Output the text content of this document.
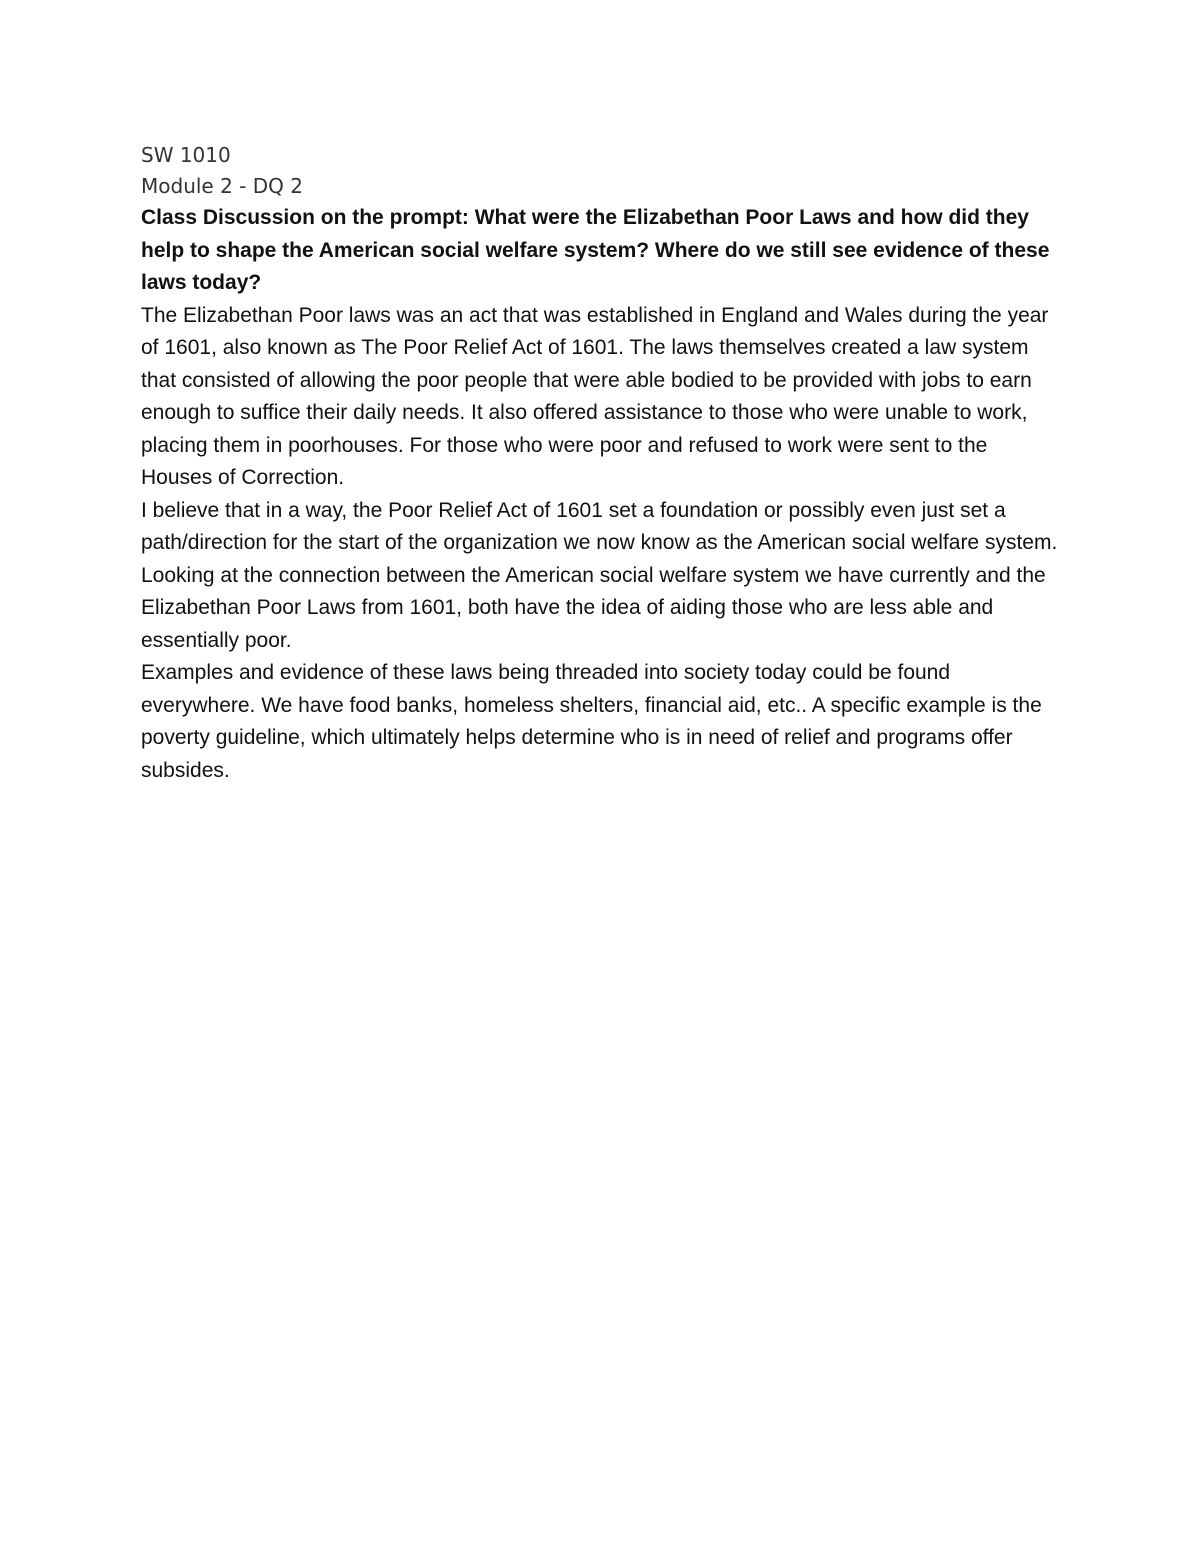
SW 1010

Module 2 - DQ 2

Class Discussion on the prompt: What were the Elizabethan Poor Laws and how did they help to shape the American social welfare system? Where do we still see evidence of these laws today?

The Elizabethan Poor laws was an act that was established in England and Wales during the year of 1601, also known as The Poor Relief Act of 1601. The laws themselves created a law system that consisted of allowing the poor people that were able bodied to be provided with jobs to earn enough to suffice their daily needs. It also offered assistance to those who were unable to work, placing them in poorhouses. For those who were poor and refused to work were sent to the Houses of Correction.

I believe that in a way, the Poor Relief Act of 1601 set a foundation or possibly even just set a path/direction for the start of the organization we now know as the American social welfare system. Looking at the connection between the American social welfare system we have currently and the Elizabethan Poor Laws from 1601, both have the idea of aiding those who are less able and essentially poor.

Examples and evidence of these laws being threaded into society today could be found everywhere. We have food banks, homeless shelters, financial aid, etc.. A specific example is the poverty guideline, which ultimately helps determine who is in need of relief and programs offer subsides.
